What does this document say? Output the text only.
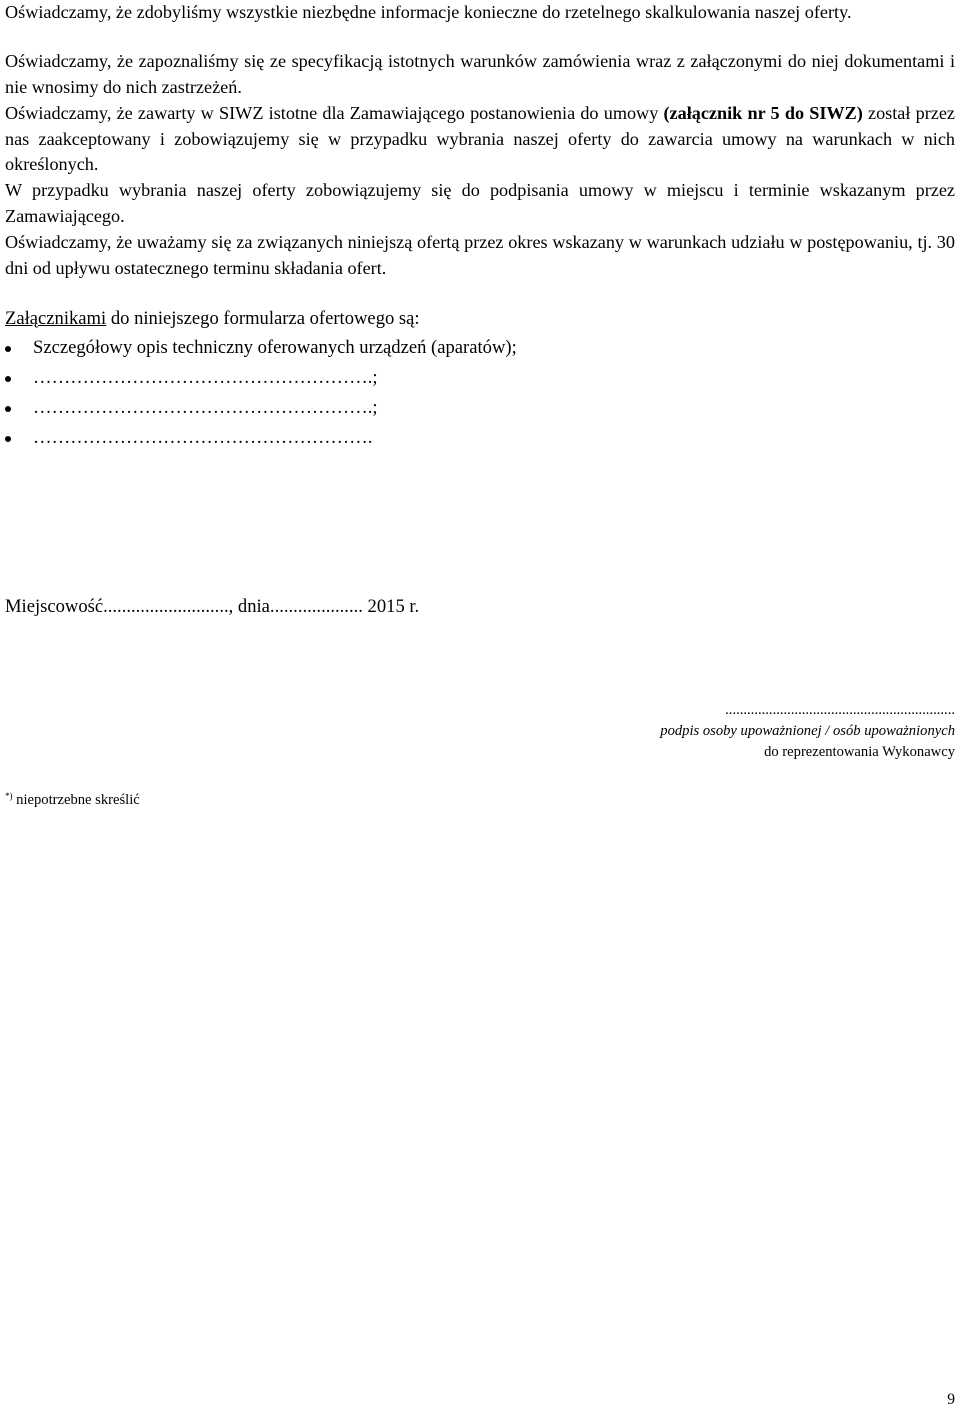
Oświadczamy, że zdobyliśmy wszystkie niezbędne informacje konieczne do rzetelnego skalkulowania naszej oferty.

Oświadczamy, że zapoznaliśmy się ze specyfikacją istotnych warunków zamówienia wraz z załączonymi do niej dokumentami i nie wnosimy do nich zastrzeżeń.

Oświadczamy, że zawarty w SIWZ istotne dla Zamawiającego postanowienia do umowy (załącznik nr 5 do SIWZ) został przez nas zaakceptowany i zobowiązujemy się w przypadku wybrania naszej oferty do zawarcia umowy na warunkach w nich określonych.

W przypadku wybrania naszej oferty zobowiązujemy się do podpisania umowy w miejscu i terminie wskazanym przez Zamawiającego.

Oświadczamy, że uważamy się za związanych niniejszą ofertą przez okres wskazany w warunkach udziału w postępowaniu, tj. 30 dni od upływu ostatecznego terminu składania ofert.

Załącznikami do niniejszego formularza ofertowego są:

Szczegółowy opis techniczny oferowanych urządzeń (aparatów);
……………………………………………….;
……………………………………………….;
……………………………………………….

Miejscowość..........................., dnia.................... 2015 r.

...............................................................
podpis osoby upoważnionej / osób upoważnionych
do reprezentowania Wykonawcy
*) niepotrzebne skreślić
9
